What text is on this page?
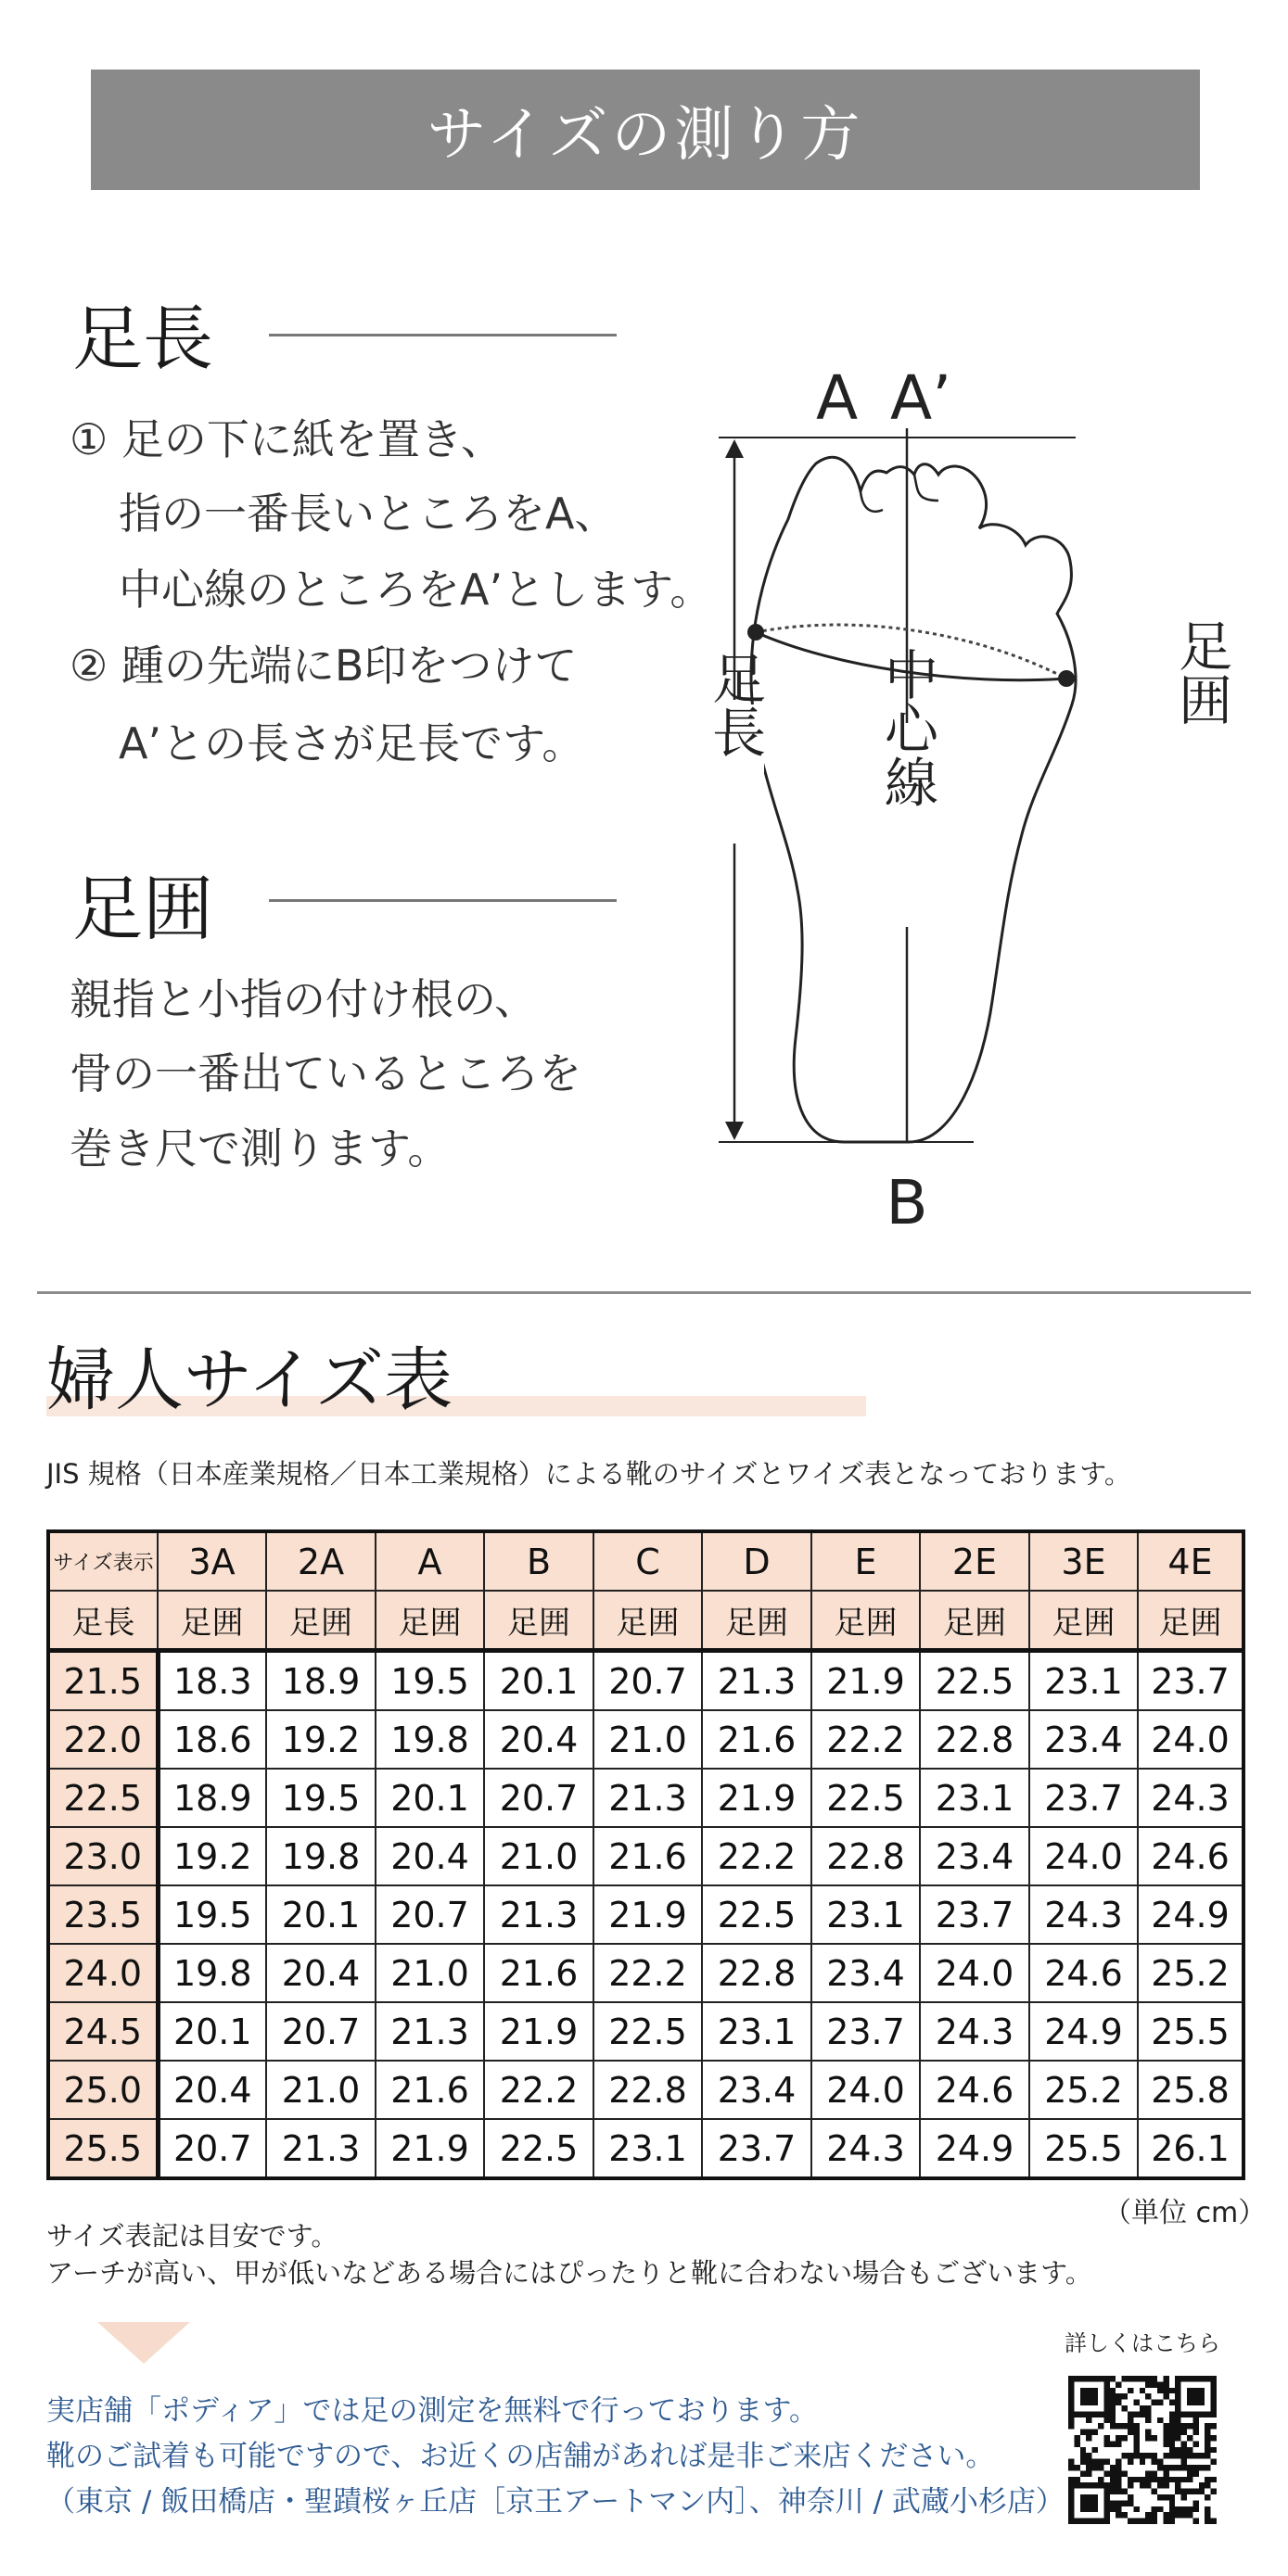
サイズの測り方
足長
① 足の下に紙を置き、
指の一番長いところをA、
中心線のところをA’とします。
② 踵の先端にB印をつけて
A’との長さが足長です。
足囲
親指と小指の付け根の、
骨の一番出ているところを
巻き尺で測ります。
A A’
B
足長 中心線	足囲
婦人サイズ表
JIS 規格（日本産業規格／日本工業規格）による靴のサイズとワイズ表となっております。
サイズ表示	3A	2A	A	B	C	D	E	2E	3E	4E
足長	足囲	足囲	足囲	足囲	足囲	足囲	足囲	足囲	足囲	足囲
21.5	18.3	18.9	19.5	20.1	20.7	21.3	21.9	22.5	23.1	23.7
22.0	18.6	19.2	19.8	20.4	21.0	21.6	22.2	22.8	23.4	24.0
22.5	18.9	19.5	20.1	20.7	21.3	21.9	22.5	23.1	23.7	24.3
23.0	19.2	19.8	20.4	21.0	21.6	22.2	22.8	23.4	24.0	24.6
23.5	19.5	20.1	20.7	21.3	21.9	22.5	23.1	23.7	24.3	24.9
24.0	19.8	20.4	21.0	21.6	22.2	22.8	23.4	24.0	24.6	25.2
24.5	20.1	20.7	21.3	21.9	22.5	23.1	23.7	24.3	24.9	25.5
25.0	20.4	21.0	21.6	22.2	22.8	23.4	24.0	24.6	25.2	25.8
25.5	20.7	21.3	21.9	22.5	23.1	23.7	24.3	24.9	25.5	26.1
（単位 cm）
サイズ表記は目安です。
アーチが高い、甲が低いなどある場合にはぴったりと靴に合わない場合もございます。
実店舗「ポディア」では足の測定を無料で行っております。
靴のご試着も可能ですので、お近くの店舗があれば是非ご来店ください。
（東京 / 飯田橋店・聖蹟桜ヶ丘店［京王アートマン内］、神奈川 / 武蔵小杉店）
詳しくはこちら
